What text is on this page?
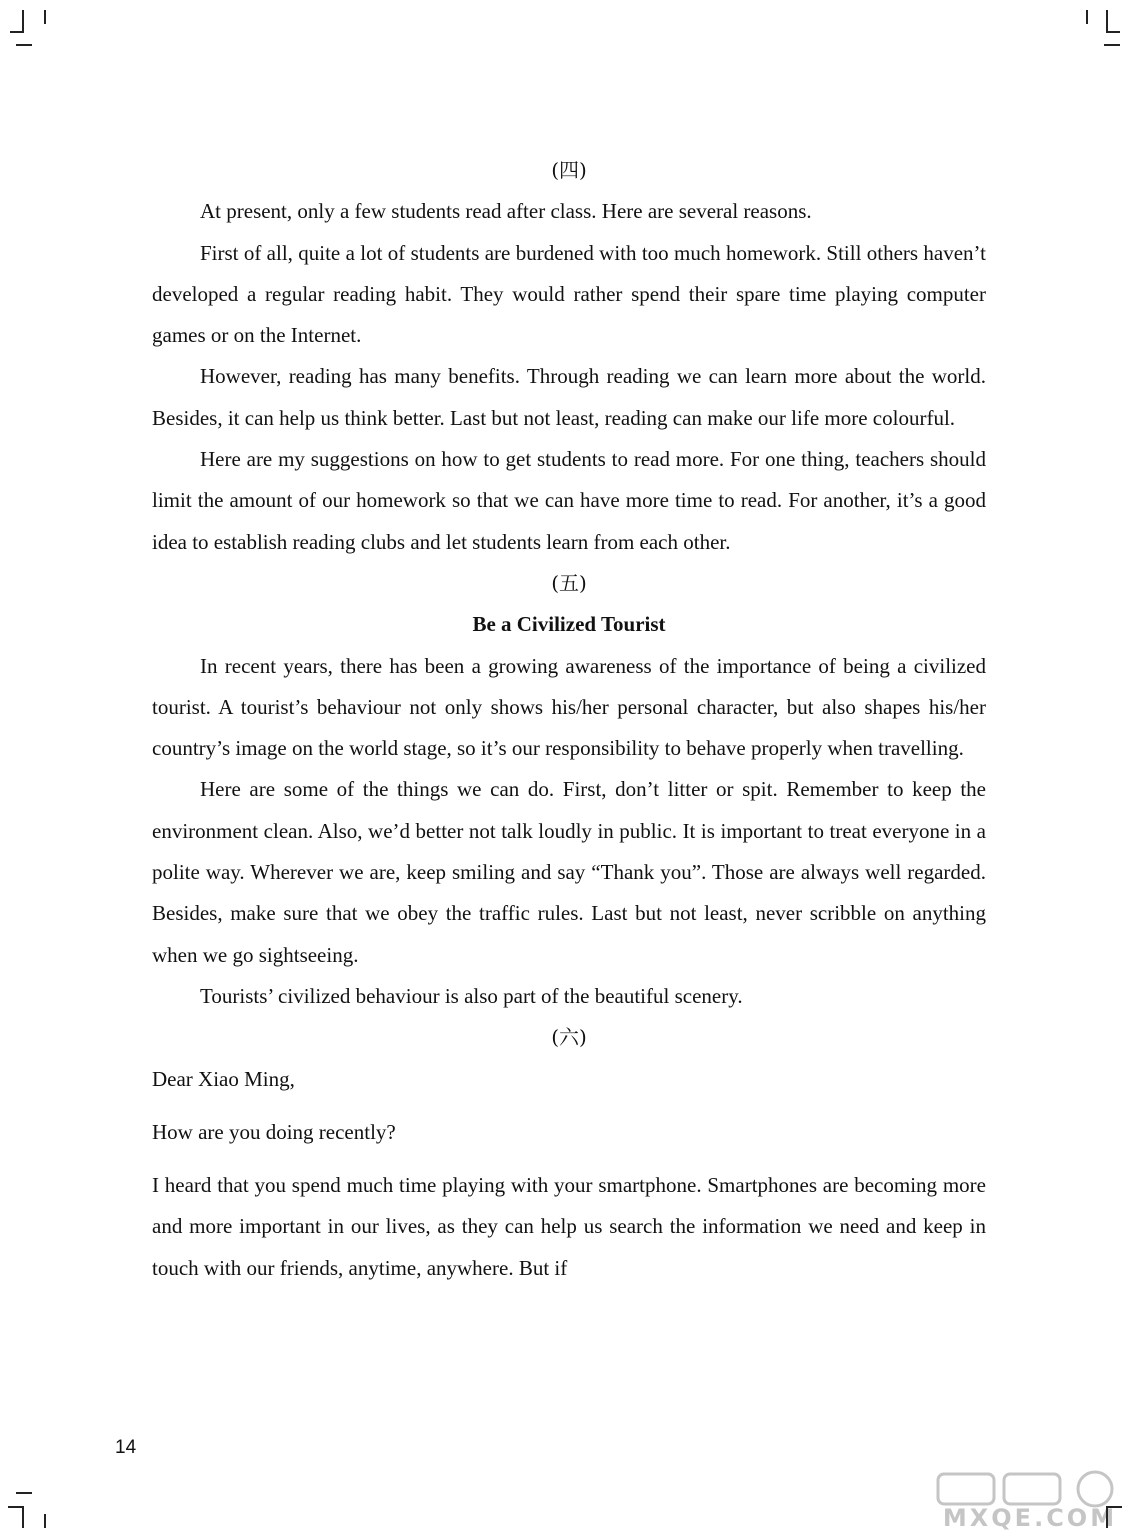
(四)

At present, only a few students read after class. Here are several reasons.

First of all, quite a lot of students are burdened with too much homework. Still others haven’t developed a regular reading habit. They would rather spend their spare time playing computer games or on the Internet.

However, reading has many benefits. Through reading we can learn more about the world. Besides, it can help us think better. Last but not least, reading can make our life more colourful.

Here are my suggestions on how to get students to read more. For one thing, teachers should limit the amount of our homework so that we can have more time to read. For another, it’s a good idea to establish reading clubs and let students learn from each other.

(五)

Be a Civilized Tourist

In recent years, there has been a growing awareness of the importance of being a civilized tourist. A tourist’s behaviour not only shows his/her personal character, but also shapes his/her country’s image on the world stage, so it’s our responsibility to behave properly when travelling.

Here are some of the things we can do. First, don’t litter or spit. Remember to keep the environment clean. Also, we’d better not talk loudly in public. It is important to treat everyone in a polite way. Wherever we are, keep smiling and say “Thank you”. Those are always well regarded. Besides, make sure that we obey the traffic rules. Last but not least, never scribble on anything when we go sightseeing.

Tourists’ civilized behaviour is also part of the beautiful scenery.

(六)

Dear Xiao Ming,

How are you doing recently?

I heard that you spend much time playing with your smartphone. Smartphones are becoming more and more important in our lives, as they can help us search the information we need and keep in touch with our friends, anytime, anywhere. But if

14
MXQE.COM
